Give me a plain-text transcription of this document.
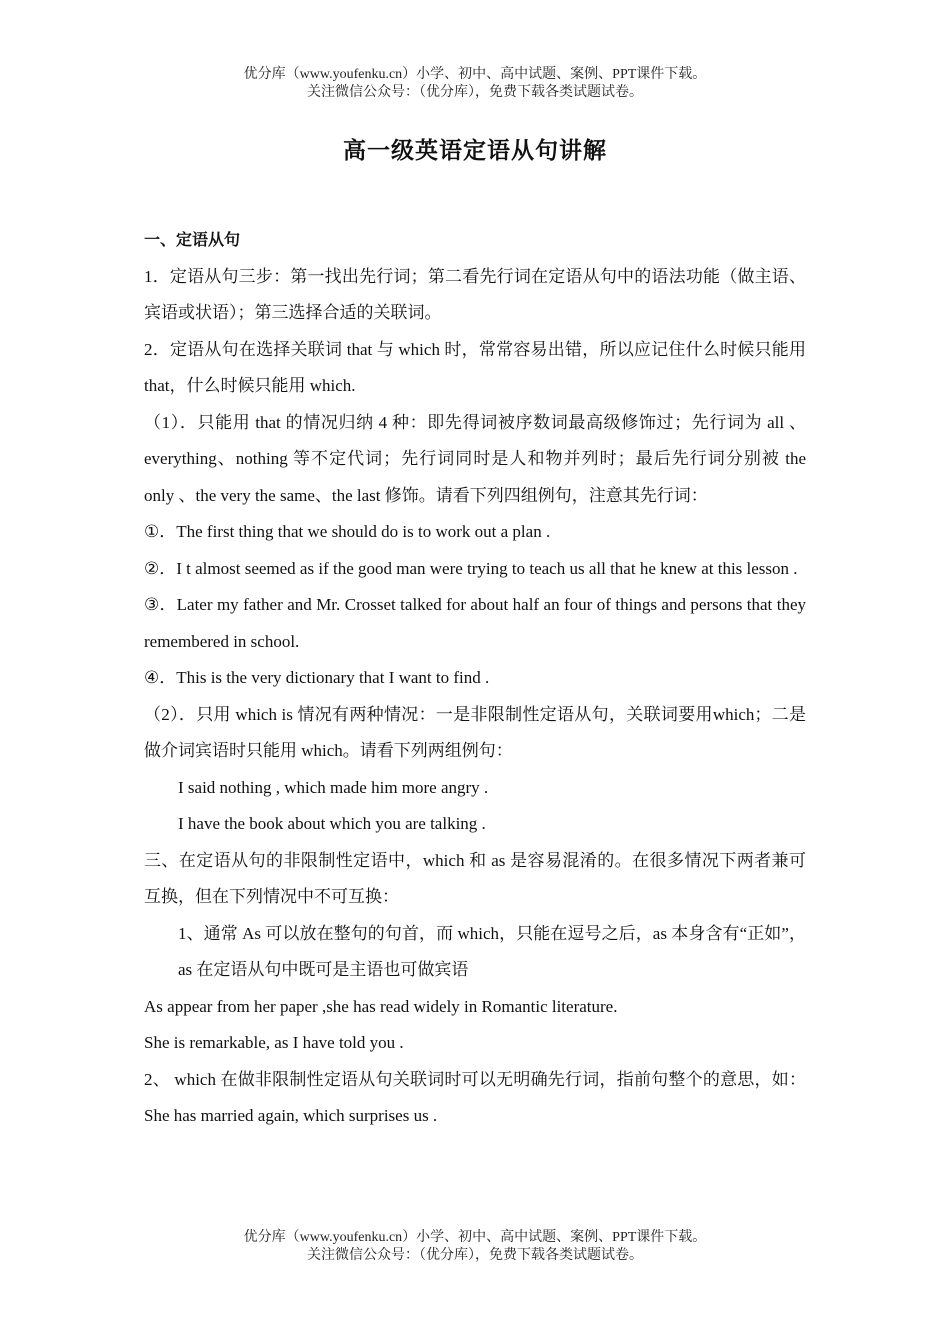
优分库（www.youfenku.cn）小学、初中、高中试题、案例、PPT课件下载。
关注微信公众号：（优分库），免费下载各类试题试卷。
高一级英语定语从句讲解

一、定语从句

1．定语从句三步：第一找出先行词；第二看先行词在定语从句中的语法功能（做主语、宾语或状语）；第三选择合适的关联词。

2．定语从句在选择关联词 that 与 which 时，常常容易出错，所以应记住什么时候只能用 that，什么时候只能用 which.

（1）．只能用 that 的情况归纳 4 种：即先得词被序数词最高级修饰过；先行词为 all 、everything、nothing 等不定代词；先行词同时是人和物并列时；最后先行词分别被 the only 、the very the same、the last 修饰。请看下列四组例句，注意其先行词：

①．The first thing that we should do is to work out a plan .

②．I t almost seemed as if the good man were trying to teach us all that he knew at this lesson .

③．Later my father and Mr. Crosset talked for about half an four of things and persons that they remembered in school.

④．This is the very dictionary that I want to find .

（2）．只用 which is 情况有两种情况：一是非限制性定语从句，关联词要用which；二是做介词宾语时只能用 which。请看下列两组例句：

I said nothing , which made him more angry .

I have the book about which you are talking .

三、在定语从句的非限制性定语中，which 和 as 是容易混淆的。在很多情况下两者兼可互换，但在下列情况中不可互换：

1、通常 As 可以放在整句的句首，而 which，只能在逗号之后，as 本身含有“正如”，as 在定语从句中既可是主语也可做宾语

As appear from her paper ,she has read widely in Romantic literature.

She is remarkable, as I have told you .

2、 which 在做非限制性定语从句关联词时可以无明确先行词，指前句整个的意思，如：She has married again, which surprises us .

优分库（www.youfenku.cn）小学、初中、高中试题、案例、PPT课件下载。
关注微信公众号：（优分库），免费下载各类试题试卷。
